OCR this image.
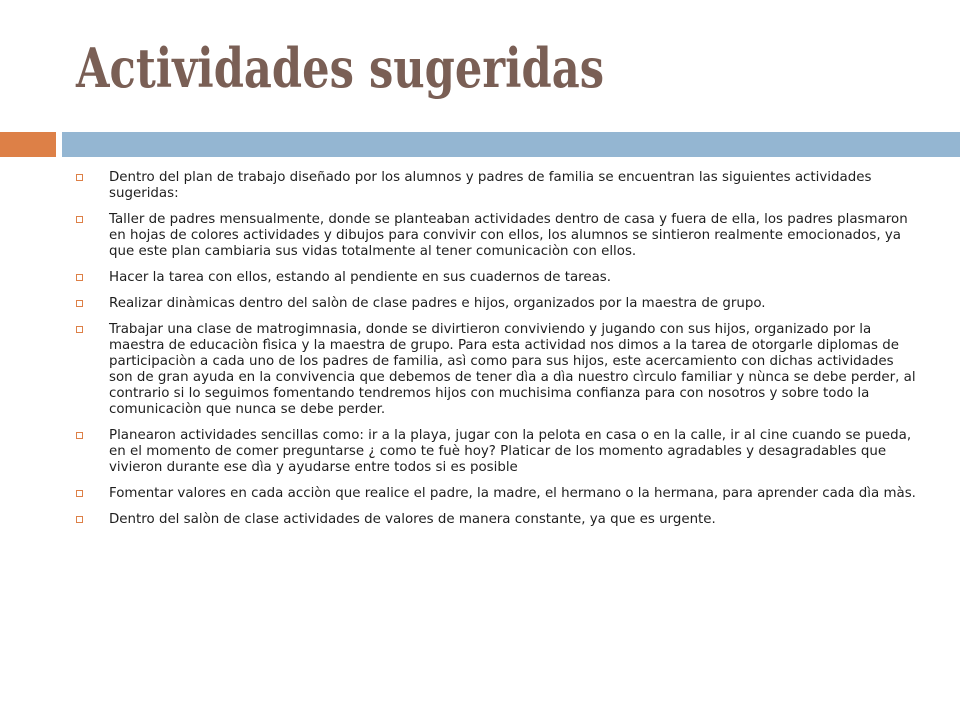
Actividades sugeridas
Dentro del plan de trabajo diseñado por los alumnos y padres de familia se encuentran las siguientes actividades sugeridas:
Taller de padres mensualmente, donde se planteaban actividades dentro de casa y fuera de ella, los padres plasmaron en hojas de colores actividades y dibujos para convivir con ellos, los alumnos se sintieron realmente emocionados, ya que este plan cambiaria sus vidas totalmente al tener comunicaciòn con ellos.
Hacer la tarea con ellos, estando al pendiente en sus cuadernos de tareas.
Realizar dinàmicas dentro del salòn de clase padres e hijos, organizados por la maestra de grupo.
Trabajar una clase de matrogimnasia, donde se divirtieron conviviendo y jugando con sus hijos, organizado por la maestra de educaciòn fìsica y la maestra de grupo. Para esta actividad nos dimos a la tarea de otorgarle diplomas de participaciòn a cada uno de los padres de familia, asì como para sus hijos, este acercamiento con dichas actividades son de gran ayuda en la convivencia que debemos de tener dìa a dìa nuestro cìrculo familiar y nùnca se debe perder, al contrario si lo seguimos fomentando tendremos hijos con muchisima confianza para con nosotros y sobre todo la comunicaciòn que nunca se debe perder.
Planearon actividades sencillas como: ir a la playa, jugar con la pelota en casa o en la calle, ir al cine cuando se pueda, en el momento de comer preguntarse ¿ como te fuè hoy? Platicar de los momento agradables y desagradables que vivieron durante ese dìa y ayudarse entre todos si es posible
Fomentar valores en cada acciòn que realice el padre, la madre, el hermano o la hermana, para aprender cada dìa màs.
Dentro del salòn de clase actividades de valores de manera constante, ya que es urgente.
